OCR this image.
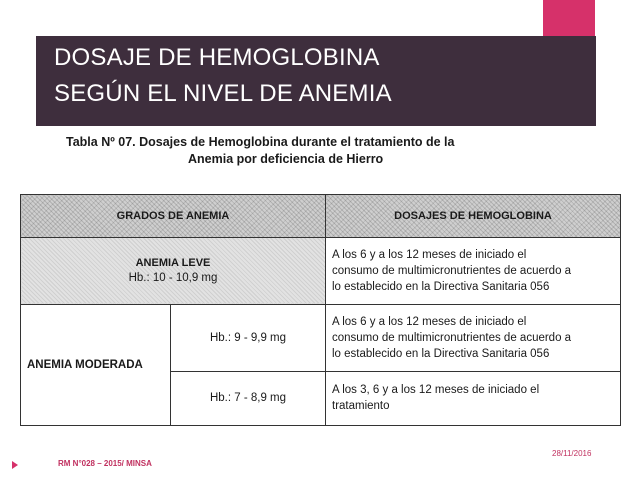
DOSAJE DE HEMOGLOBINA
SEGÚN EL NIVEL DE ANEMIA
Tabla Nº 07. Dosajes de Hemoglobina durante el tratamiento de la
Anemia por deficiencia de Hierro
GRADOS DE ANEMIA		DOSAJES DE HEMOGLOBINA

ANEMIA LEVE
Hb.: 10 - 10,9 mg		A los 6 y a los 12 meses de iniciado el
consumo de multimicronutrientes de acuerdo a
lo establecido en la Directiva Sanitaria 056

ANEMIA MODERADA	Hb.: 9 - 9,9 mg	A los 6 y a los 12 meses de iniciado el
consumo de multimicronutrientes de acuerdo a
lo establecido en la Directiva Sanitaria 056

	Hb.: 7 - 8,9 mg	A los 3, 6 y a los 12 meses de iniciado el
tratamiento
RM N°028 – 2015/ MINSA
28/11/2016
